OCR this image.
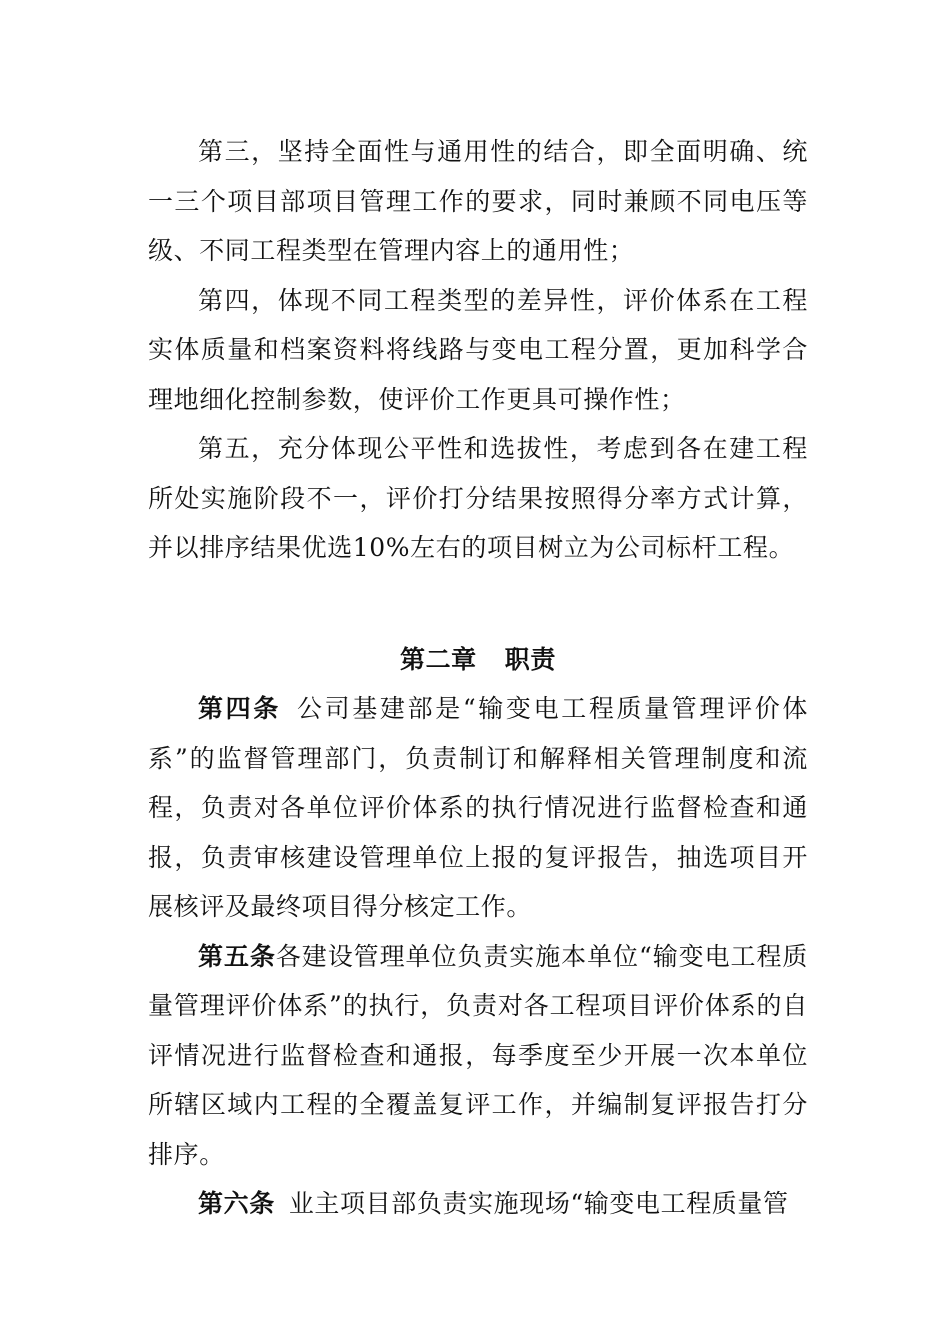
第三，坚持全面性与通用性的结合，即全面明确、统一三个项目部项目管理工作的要求，同时兼顾不同电压等级、不同工程类型在管理内容上的通用性；

第四，体现不同工程类型的差异性，评价体系在工程实体质量和档案资料将线路与变电工程分置，更加科学合理地细化控制参数，使评价工作更具可操作性；

第五，充分体现公平性和选拔性，考虑到各在建工程所处实施阶段不一，评价打分结果按照得分率方式计算，并以排序结果优选10%左右的项目树立为公司标杆工程。

第二章 职责

第四条 公司基建部是“输变电工程质量管理评价体系”的监督管理部门，负责制订和解释相关管理制度和流程，负责对各单位评价体系的执行情况进行监督检查和通报，负责审核建设管理单位上报的复评报告，抽选项目开展核评及最终项目得分核定工作。

第五条各建设管理单位负责实施本单位“输变电工程质量管理评价体系”的执行，负责对各工程项目评价体系的自评情况进行监督检查和通报，每季度至少开展一次本单位所辖区域内工程的全覆盖复评工作，并编制复评报告打分排序。

第六条 业主项目部负责实施现场“输变电工程质量管
